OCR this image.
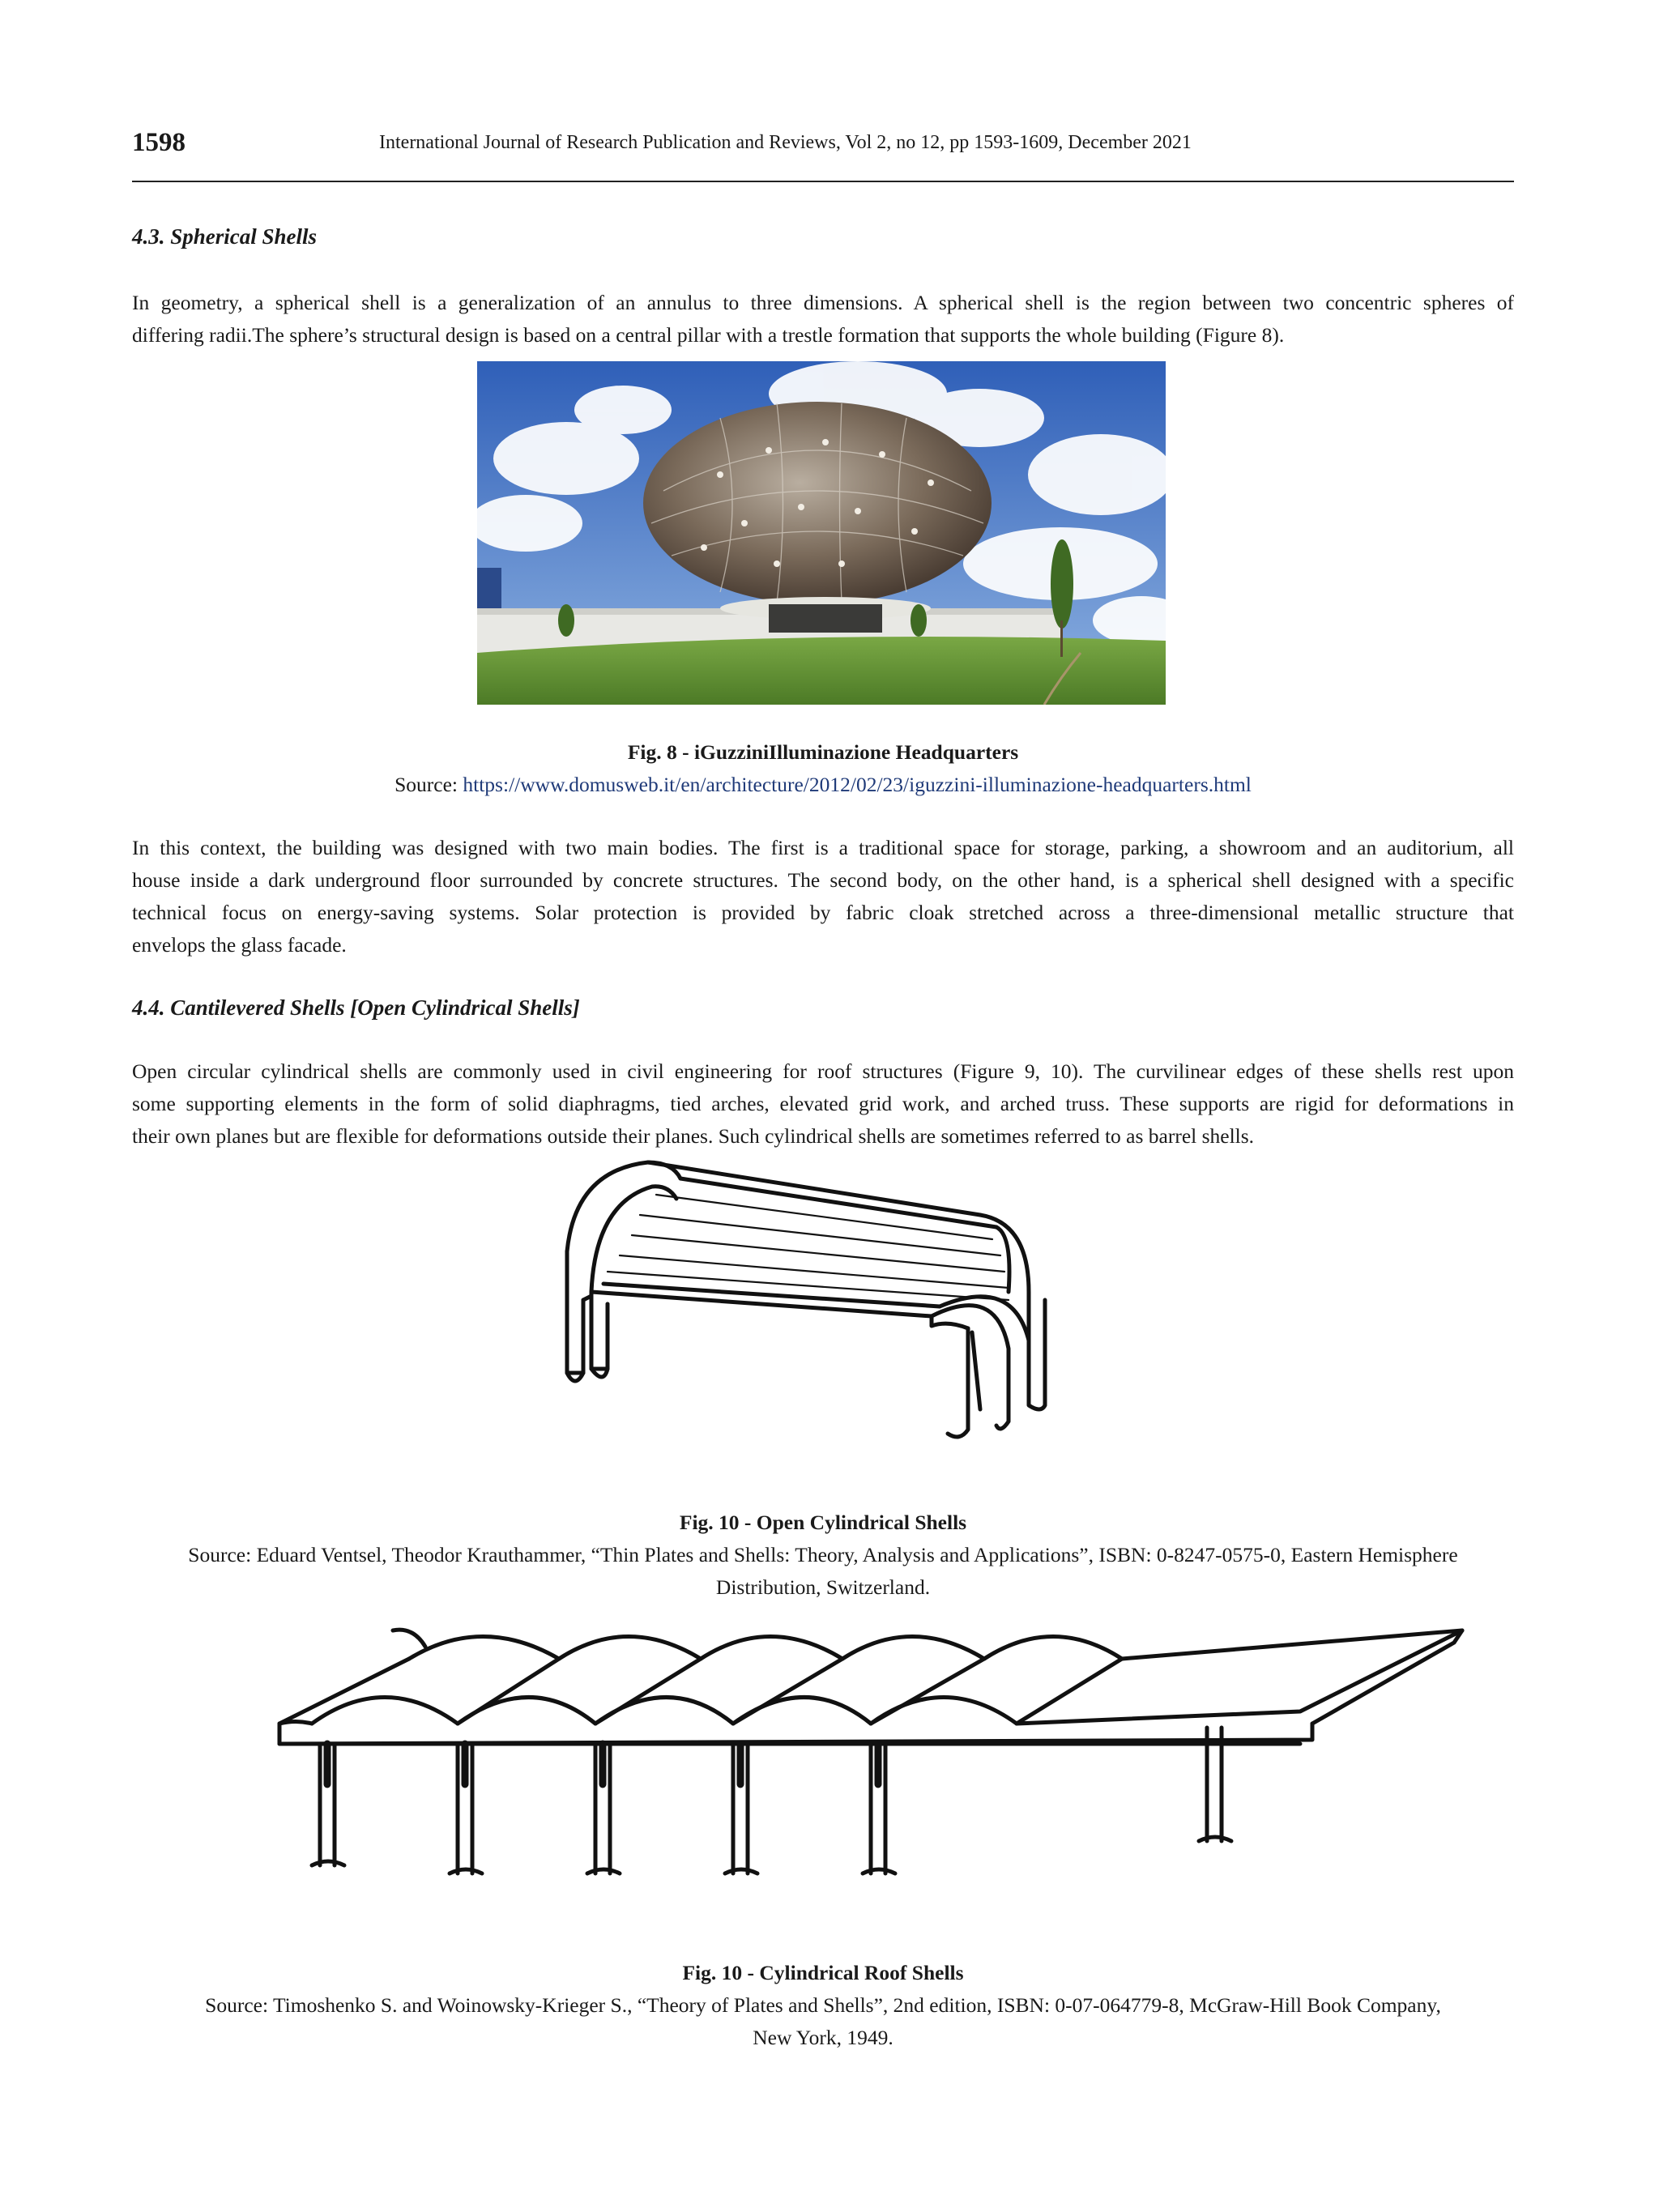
1598	International Journal of Research Publication and Reviews, Vol 2, no 12, pp 1593-1609, December 2021
4.3. Spherical Shells
In geometry, a spherical shell is a generalization of an annulus to three dimensions. A spherical shell is the region between two concentric spheres of
differing radii.The sphere’s structural design is based on a central pillar with a trestle formation that supports the whole building (Figure 8).
Fig. 8 - iGuzziniIlluminazione Headquarters
Source: https://www.domusweb.it/en/architecture/2012/02/23/iguzzini-illuminazione-headquarters.html
In this context, the building was designed with two main bodies. The first is a traditional space for storage, parking, a showroom and an auditorium, all
house inside a dark underground floor surrounded by concrete structures. The second body, on the other hand, is a spherical shell designed with a specific
technical focus on energy-saving systems. Solar protection is provided by fabric cloak stretched across a three-dimensional metallic structure that
envelops the glass facade.
4.4. Cantilevered Shells [Open Cylindrical Shells]
Open circular cylindrical shells are commonly used in civil engineering for roof structures (Figure 9, 10). The curvilinear edges of these shells rest upon
some supporting elements in the form of solid diaphragms, tied arches, elevated grid work, and arched truss. These supports are rigid for deformations in
their own planes but are flexible for deformations outside their planes. Such cylindrical shells are sometimes referred to as barrel shells.
Fig. 10 - Open Cylindrical Shells
Source: Eduard Ventsel, Theodor Krauthammer, “Thin Plates and Shells: Theory, Analysis and Applications”, ISBN: 0-8247-0575-0, Eastern Hemisphere
Distribution, Switzerland.
Fig. 10 - Cylindrical Roof Shells
Source: Timoshenko S. and Woinowsky-Krieger S., “Theory of Plates and Shells”, 2nd edition, ISBN: 0-07-064779-8, McGraw-Hill Book Company,
New York, 1949.
